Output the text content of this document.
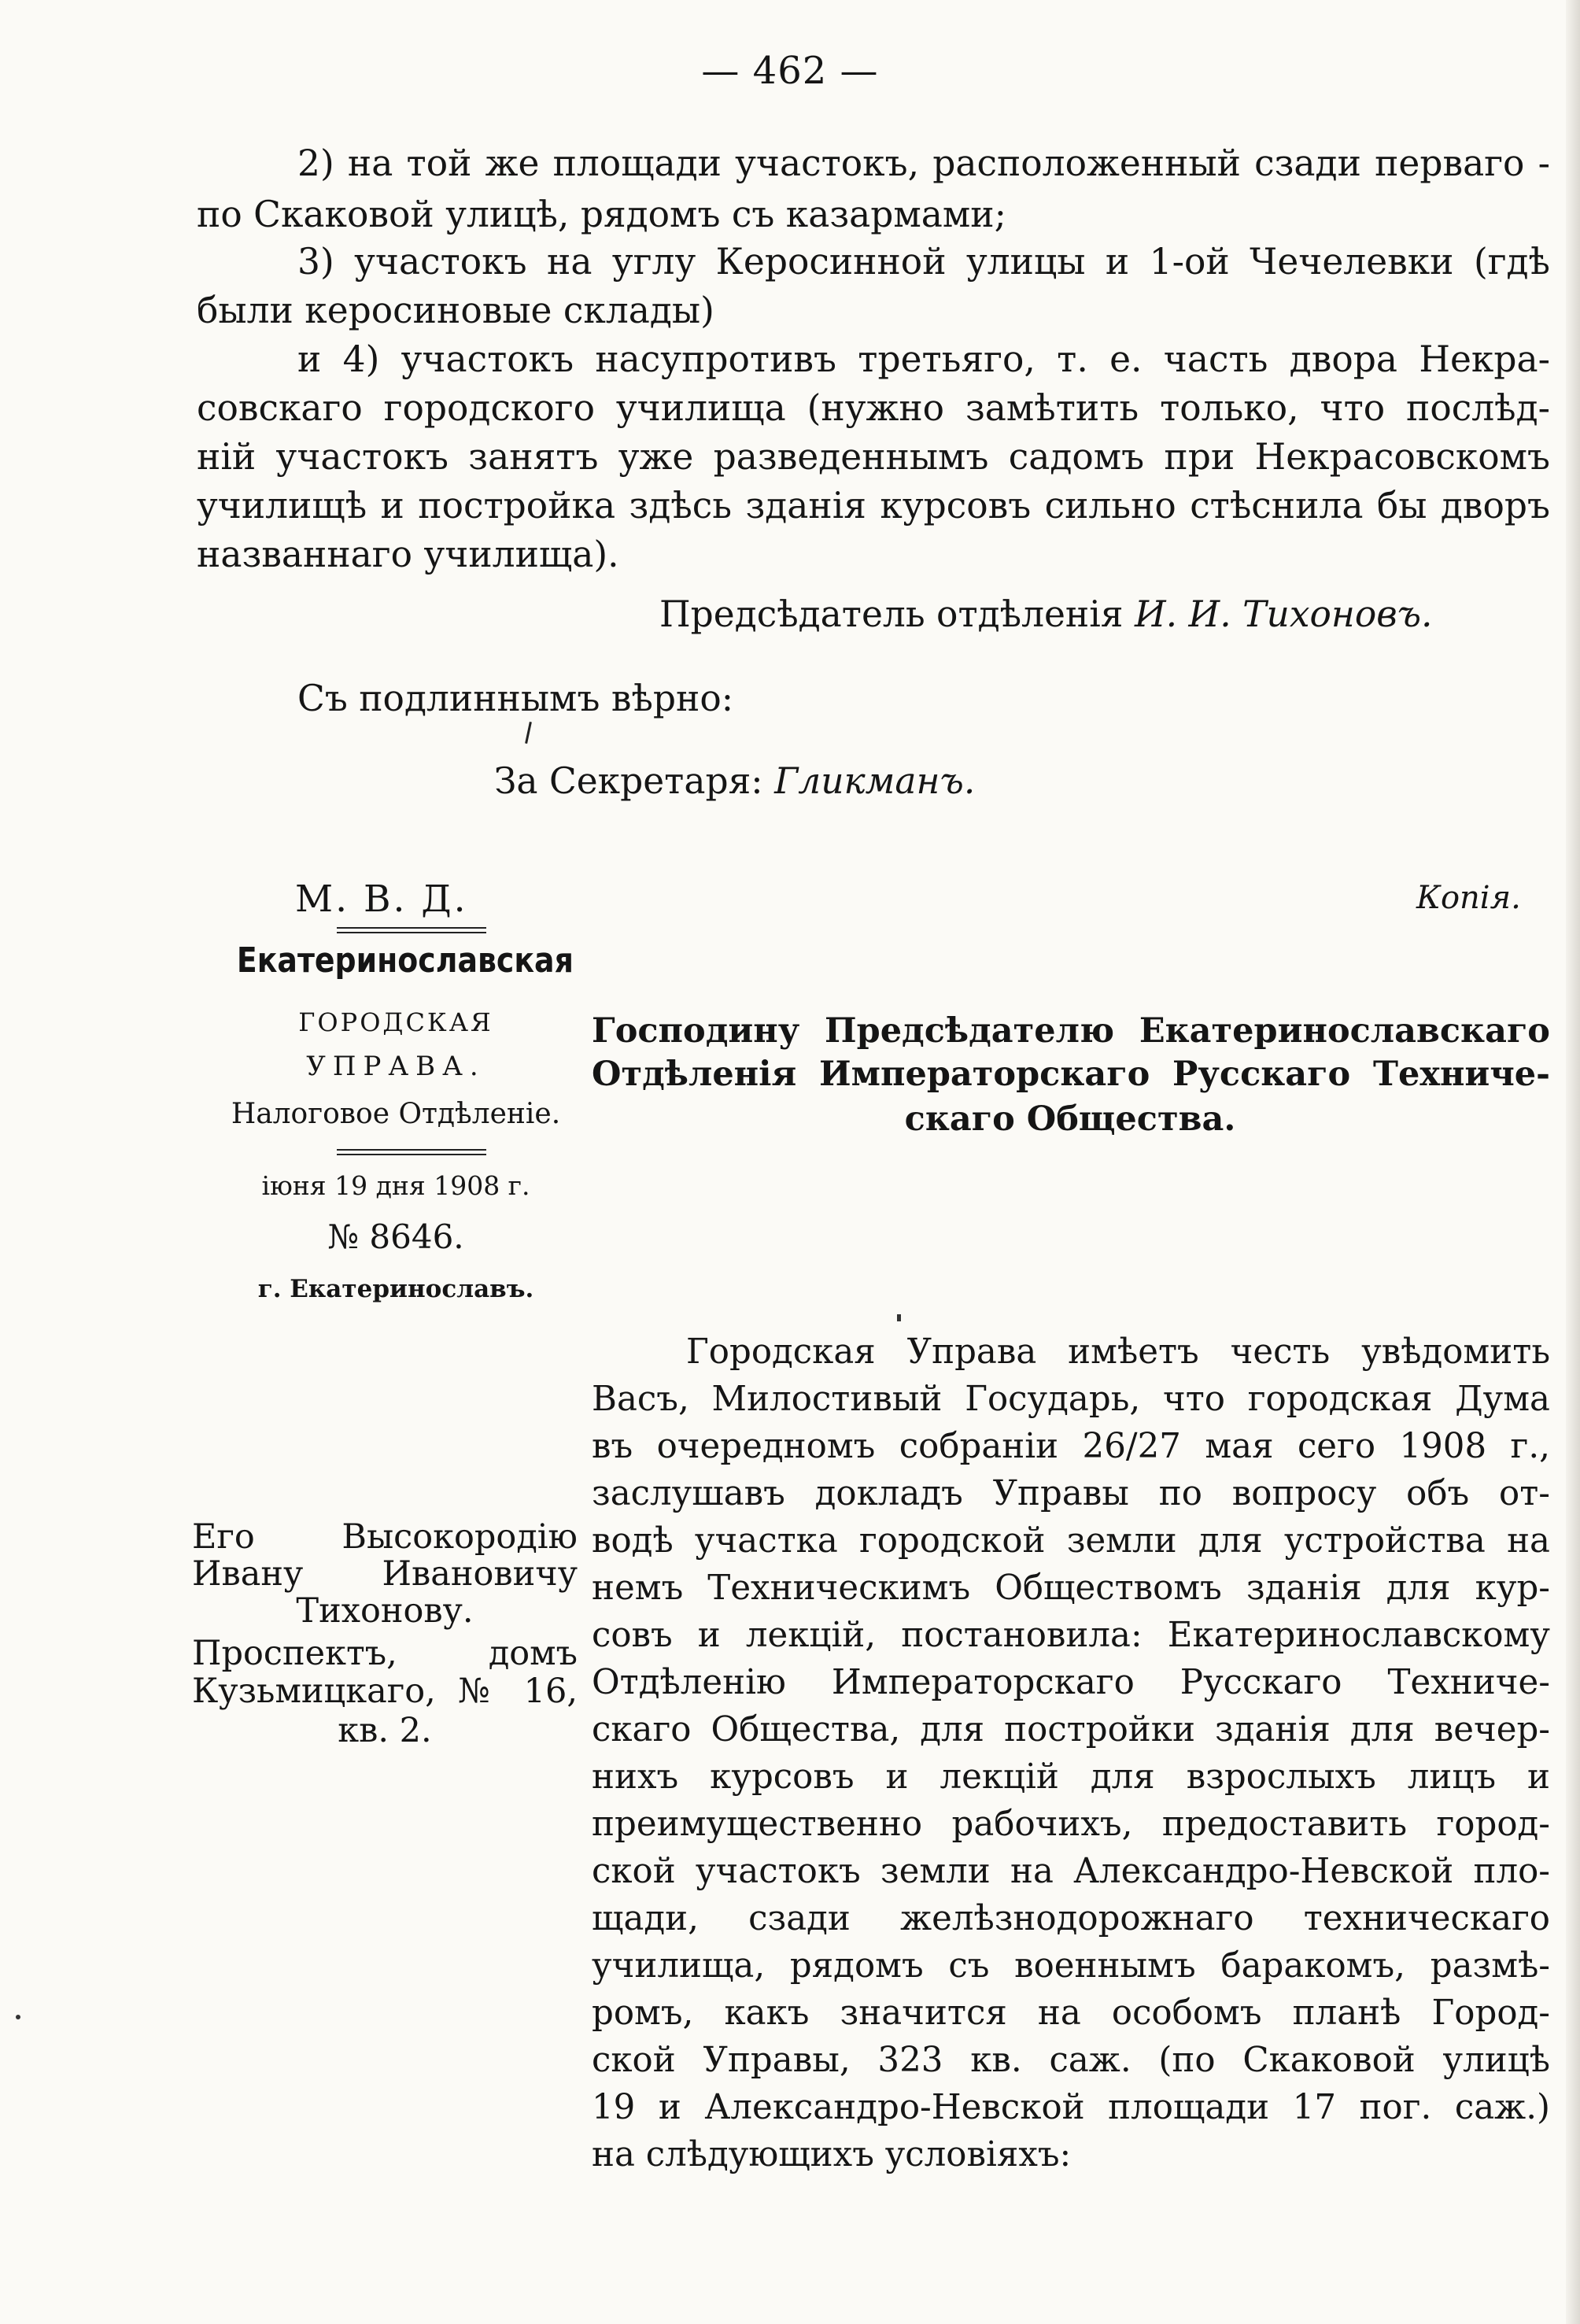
— 462 —
2) на той же площади участокъ, расположенный сзади перваго -
по Скаковой улицѣ, рядомъ съ казармами;
3) участокъ на углу Керосинной улицы и 1-ой Чечелевки (гдѣ
были керосиновые склады)
и 4) участокъ насупротивъ третьяго, т. е. часть двора Некра-
совскаго городского училища (нужно замѣтить только, что послѣд-
ній участокъ занятъ уже разведеннымъ садомъ при Некрасовскомъ
училищѣ и постройка здѣсь зданія курсовъ сильно стѣснила бы дворъ
названнаго училища).
Предсѣдатель отдѣленія И. И. Тихоновъ.
Съ подлиннымъ вѣрно:
За Секретаря: Гликманъ.
М. В. Д.	Копія.
Екатеринославская
ГОРОДСКАЯ
УПРАВА.
Налоговое Отдѣленіе.
іюня 19 дня 1908 г.
№ 8646.
г. Екатеринославъ.
Господину Предсѣдателю Екатеринославскаго
Отдѣленія Императорскаго Русскаго Техниче-
скаго Общества.
Его Высокородію
Ивану Ивановичу
Тихонову.
Проспектъ, домъ
Кузьмицкаго, № 16,
кв. 2.
Городская Управа имѣетъ честь увѣдомить
Васъ, Милостивый Государь, что городская Дума
въ очередномъ собраніи 26/27 мая сего 1908 г.,
заслушавъ докладъ Управы по вопросу объ от-
водѣ участка городской земли для устройства на
немъ Техническимъ Обществомъ зданія для кур-
совъ и лекцій, постановила: Екатеринославскому
Отдѣленію Императорскаго Русскаго Техниче-
скаго Общества, для постройки зданія для вечер-
нихъ курсовъ и лекцій для взрослыхъ лицъ и
преимущественно рабочихъ, предоставить город-
ской участокъ земли на Александро-Невской пло-
щади, сзади желѣзнодорожнаго техническаго
училища, рядомъ съ военнымъ баракомъ, размѣ-
ромъ, какъ значится на особомъ планѣ Город-
ской Управы, 323 кв. саж. (по Скаковой улицѣ
19 и Александро-Невской площади 17 пог. саж.)
на слѣдующихъ условіяхъ:
